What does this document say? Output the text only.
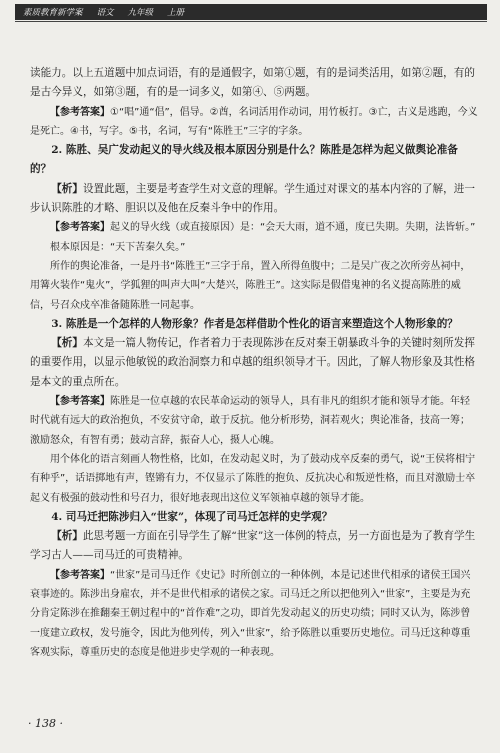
素质教育新学案 语文 九年级 上册

读能力。以上五道题中加点词语，有的是通假字，如第①题，有的是词类活用，如第②题，有的是古今异义，如第③题，有的是一词多义，如第④、⑤两题。

【参考答案】①“唱”通“倡”，倡导。②酋，名词活用作动词，用竹板打。③亡，古义是逃跑，今义是死亡。④书，写字。⑤书，名词，写有“陈胜王”三字的字条。

2. 陈胜、吴广发动起义的导火线及根本原因分别是什么？陈胜是怎样为起义做舆论准备的？

【析】设置此题，主要是考查学生对文意的理解。学生通过对课文的基本内容的了解，进一步认识陈胜的才略、胆识以及他在反秦斗争中的作用。

【参考答案】起义的导火线（或直接原因）是：“会天大雨，道不通，度已失期。失期，法皆斩。”

根本原因是：“天下苦秦久矣。”

所作的舆论准备，一是丹书“陈胜王”三字于帛，置入所得鱼腹中；二是吴广夜之次所旁丛祠中，用篝火装作“鬼火”，学狐狸的叫声大叫“大楚兴，陈胜王”。这实际是假借鬼神的名义提高陈胜的威信，号召众戍卒准备随陈胜一同起事。

3. 陈胜是一个怎样的人物形象？作者是怎样借助个性化的语言来塑造这个人物形象的？

【析】本文是一篇人物传记，作者着力于表现陈涉在反对秦王朝暴政斗争的关键时刻所发挥的重要作用，以显示他敏锐的政治洞察力和卓越的组织领导才干。因此，了解人物形象及其性格是本文的重点所在。

【参考答案】陈胜是一位卓越的农民革命运动的领导人，具有非凡的组织才能和领导才能。年轻时代就有远大的政治抱负，不安贫守命，敢于反抗。他分析形势，洞若观火；舆论准备，技高一筹；激励怒众，有智有勇；鼓动言辞，振奋人心，摄人心魄。

用个体化的语言刻画人物性格，比如，在发动起义时，为了鼓动戍卒反秦的勇气，说“王侯将相宁有种乎”，话语掷地有声，铿锵有力，不仅显示了陈胜的抱负、反抗决心和叛逆性格，而且对激励士卒起义有极强的鼓动性和号召力，很好地表现出这位义军领袖卓越的领导才能。

4. 司马迁把陈涉归入“世家”，体现了司马迁怎样的史学观？

【析】此思考题一方面在引导学生了解“世家”这一体例的特点，另一方面也是为了教育学生学习古人——司马迁的可贵精神。

【参考答案】“世家”是司马迁作《史记》时所创立的一种体例，本是记述世代相承的诸侯王国兴衰事迹的。陈涉出身雇农，并不是世代相承的诸侯之家。司马迁之所以把他列入“世家”，主要是为充分肯定陈涉在推翻秦王朝过程中的“首作难”之功，即首先发动起义的历史功绩；同时又认为，陈涉曾一度建立政权，发号施令，因此为他列传，列入“世家”，给予陈胜以重要历史地位。司马迁这种尊重客观实际，尊重历史的态度是他进步史学观的一种表现。

· 138 ·
